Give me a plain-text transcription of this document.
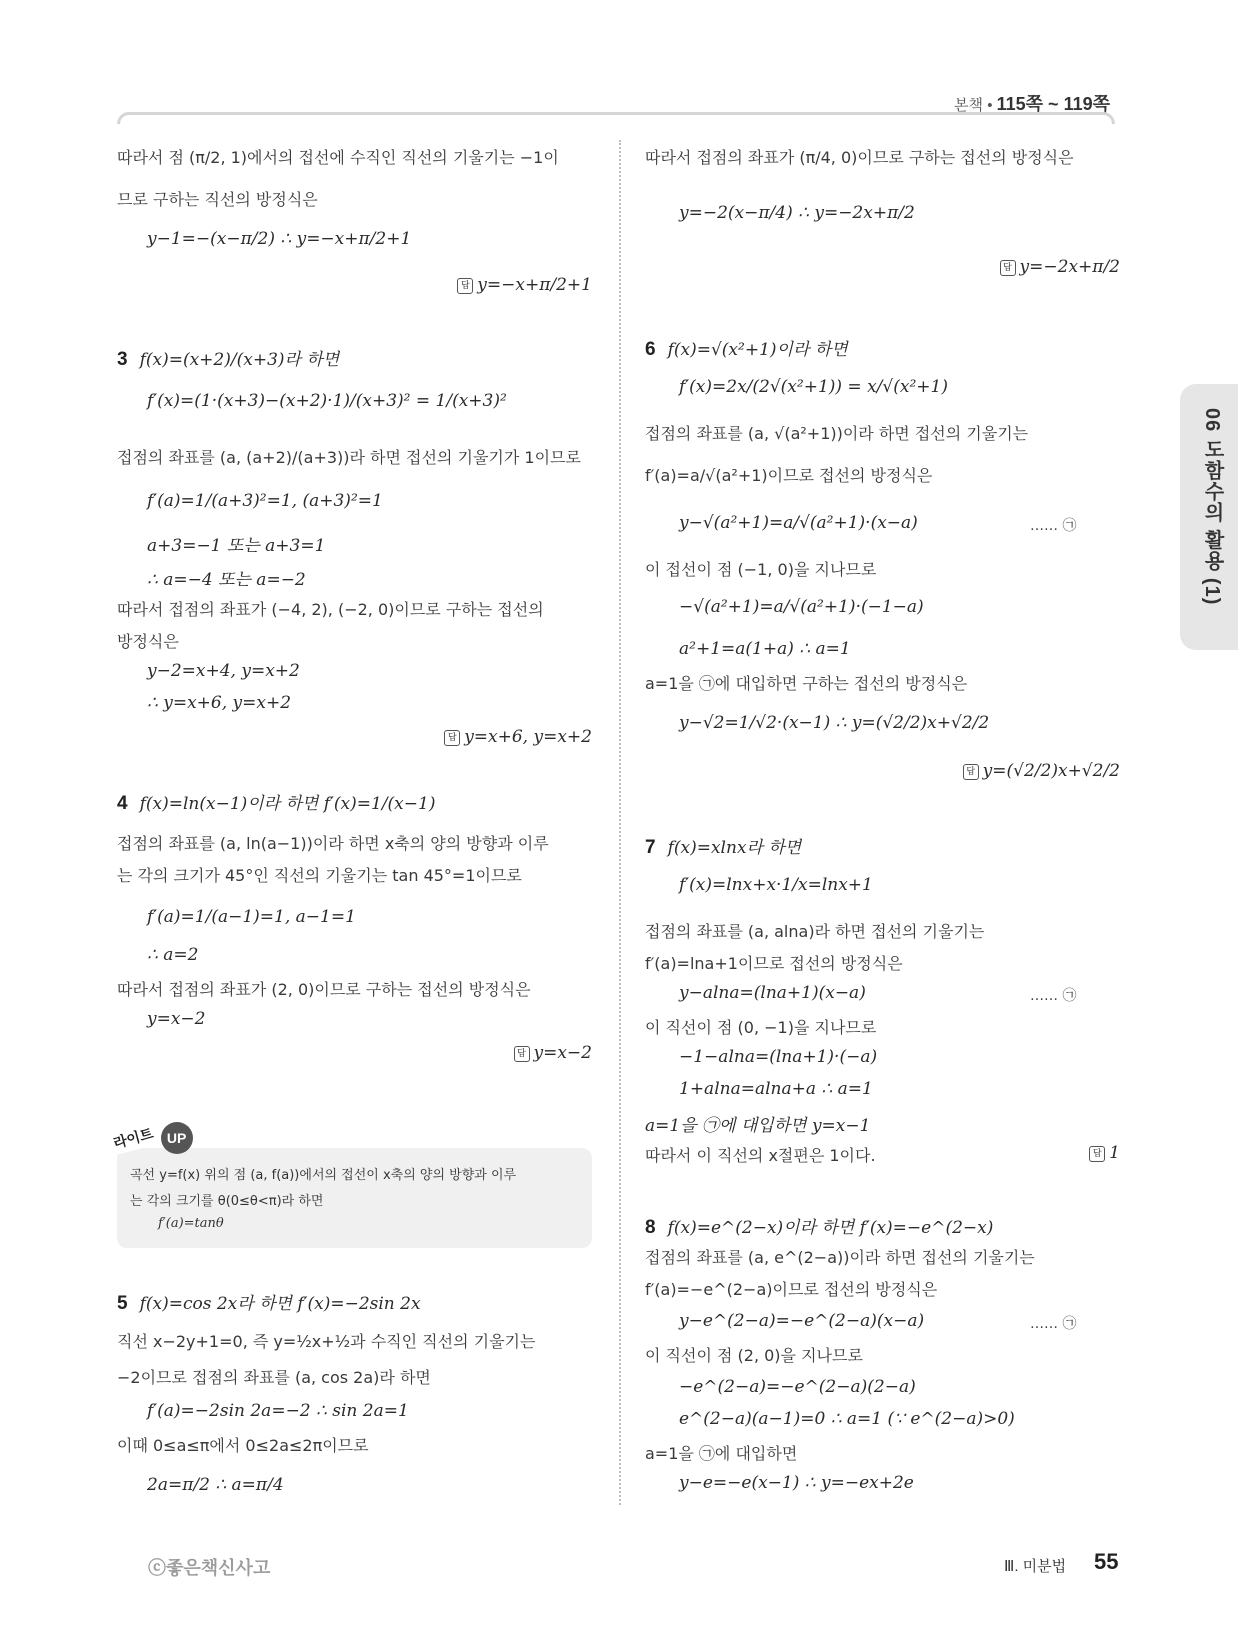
본책 • 115쪽 ~ 119쪽
06 도함수의 활용 (1)
따라서 점 (π/2, 1)에서의 접선에 수직인 직선의 기울기는 −1이
므로 구하는 직선의 방정식은
y−1=−(x−π/2) ∴ y=−x+π/2+1
답 y=−x+π/2+1
3 f(x)=(x+2)/(x+3)라 하면
f′(x)=(1·(x+3)−(x+2)·1)/(x+3)² = 1/(x+3)²
접점의 좌표를 (a, (a+2)/(a+3))라 하면 접선의 기울기가 1이므로
f′(a)=1/(a+3)²=1, (a+3)²=1
a+3=−1 또는 a+3=1
∴ a=−4 또는 a=−2
따라서 접점의 좌표가 (−4, 2), (−2, 0)이므로 구하는 접선의
방정식은
y−2=x+4, y=x+2
∴ y=x+6, y=x+2
답 y=x+6, y=x+2
4 f(x)=ln(x−1)이라 하면 f′(x)=1/(x−1)
접점의 좌표를 (a, ln(a−1))이라 하면 x축의 양의 방향과 이루
는 각의 크기가 45°인 직선의 기울기는 tan 45°=1이므로
f′(a)=1/(a−1)=1, a−1=1
∴ a=2
따라서 접점의 좌표가 (2, 0)이므로 구하는 접선의 방정식은
y=x−2
답 y=x−2
5 f(x)=cos 2x라 하면 f′(x)=−2sin 2x
직선 x−2y+1=0, 즉 y=½x+½과 수직인 직선의 기울기는
−2이므로 접점의 좌표를 (a, cos 2a)라 하면
f′(a)=−2sin 2a=−2 ∴ sin 2a=1
이때 0≤a≤π에서 0≤2a≤2π이므로
2a=π/2 ∴ a=π/4
라이트 UP
곡선 y=f(x) 위의 점 (a, f(a))에서의 접선이 x축의 양의 방향과 이루
는 각의 크기를 θ(0≤θ<π)라 하면
f′(a)=tanθ
따라서 접점의 좌표가 (π/4, 0)이므로 구하는 접선의 방정식은
y=−2(x−π/4) ∴ y=−2x+π/2
답 y=−2x+π/2
6 f(x)=√(x²+1)이라 하면
f′(x)=2x/(2√(x²+1)) = x/√(x²+1)
접점의 좌표를 (a, √(a²+1))이라 하면 접선의 기울기는
f′(a)=a/√(a²+1)이므로 접선의 방정식은
y−√(a²+1)=a/√(a²+1)·(x−a)	…… ㉠
이 접선이 점 (−1, 0)을 지나므로
−√(a²+1)=a/√(a²+1)·(−1−a)
a²+1=a(1+a) ∴ a=1
a=1을 ㉠에 대입하면 구하는 접선의 방정식은
y−√2=1/√2·(x−1) ∴ y=(√2/2)x+√2/2
답 y=(√2/2)x+√2/2
7 f(x)=xlnx라 하면
f′(x)=lnx+x·1/x=lnx+1
접점의 좌표를 (a, alna)라 하면 접선의 기울기는
f′(a)=lna+1이므로 접선의 방정식은
y−alna=(lna+1)(x−a)	…… ㉠
이 직선이 점 (0, −1)을 지나므로
−1−alna=(lna+1)·(−a)
1+alna=alna+a ∴ a=1
a=1을 ㉠에 대입하면 y=x−1
따라서 이 직선의 x절편은 1이다.	답 1
8 f(x)=e^(2−x)이라 하면 f′(x)=−e^(2−x)
접점의 좌표를 (a, e^(2−a))이라 하면 접선의 기울기는
f′(a)=−e^(2−a)이므로 접선의 방정식은
y−e^(2−a)=−e^(2−a)(x−a)	…… ㉠
이 직선이 점 (2, 0)을 지나므로
−e^(2−a)=−e^(2−a)(2−a)
e^(2−a)(a−1)=0 ∴ a=1 (∵ e^(2−a)>0)
a=1을 ㉠에 대입하면
y−e=−e(x−1) ∴ y=−ex+2e
ⓒ좋은책신사고	Ⅲ. 미분법 55
